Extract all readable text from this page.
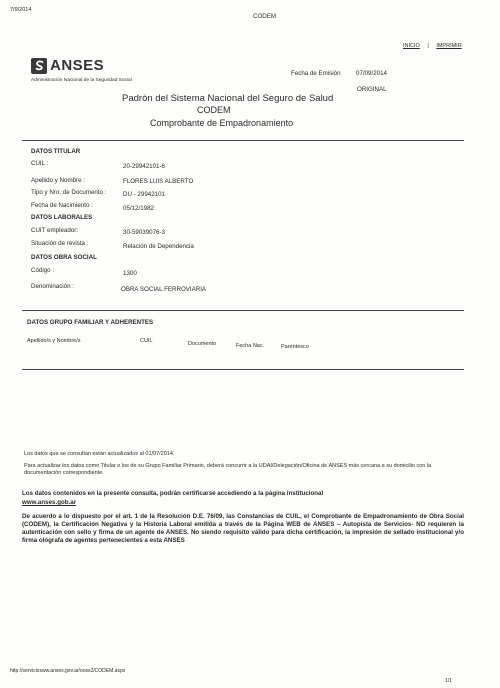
7/9/2014
CODEM
INICIO | IMPRIMIR
ANSES
Administración Nacional de la Seguridad Social
Fecha de Emisión 07/09/2014
ORIGINAL
Padrón del Sistema Nacional del Seguro de Salud
CODEM
Comprobante de Empadronamiento
DATOS TITULAR
CUIL :	20-29942101-6
Apellido y Nombre :	FLORES LUIS ALBERTO
Tipo y Nro. de Documento :	DU - 29942101
Fecha de Nacimiento :	05/12/1982
DATOS LABORALES
CUIT empleador:	30-59039076-3
Situación de revista :	Relación de Dependencia
DATOS OBRA SOCIAL
Código :	1300
Denominación :	OBRA SOCIAL FERROVIARIA
DATOS GRUPO FAMILIAR Y ADHERENTES
Apellido/s y Nombre/s	CUIL	Documento	Fecha Nac.	Parentesco
Los datos que se consultan están actualizados al 01/07/2014.
Para actualizar los datos como Titular o los de su Grupo Familiar Primario, deberá concurrir a la UDAI/Delegación/Oficina de ANSES más cercana a su domicilio con la documentación correspondiente.
Los datos contenidos en la presente consulta, podrán certificarse accediendo a la página institucional
www.anses.gob.ar
De acuerdo a lo dispuesto por el art. 1 de la Resolución D.E. 76/09, las Constancias de CUIL, el Comprobante de Empadronamiento de Obra Social (CODEM), la Certificación Negativa y la Historia Laboral emitida a través de la Página WEB de ANSES – Autopista de Servicios- NO requieren la autenticación con sello y firma de un agente de ANSES. No siendo requisito válido para dicha certificación, la impresión de sellado institucional y/o firma ológrafa de agentes pertenecientes a esta ANSES
http://serviciosww.anses.gov.ar/ooss2/CODEM.aspx
1/1
